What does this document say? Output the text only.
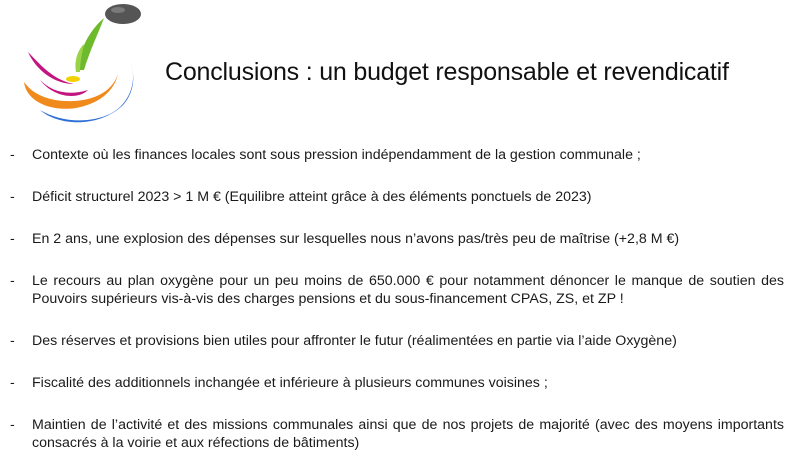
Conclusions : un budget responsable et revendicatif
- Contexte où les finances locales sont sous pression indépendamment de la gestion communale ;
- Déficit structurel 2023 > 1 M € (Equilibre atteint grâce à des éléments ponctuels de 2023)
- En 2 ans, une explosion des dépenses sur lesquelles nous n’avons pas/très peu de maîtrise (+2,8 M €)
- Le recours au plan oxygène pour un peu moins de 650.000 € pour notamment dénoncer le manque de soutien des Pouvoirs supérieurs vis-à-vis des charges pensions et du sous-financement CPAS, ZS, et ZP !
- Des réserves et provisions bien utiles pour affronter le futur (réalimentées en partie via l’aide Oxygène)
- Fiscalité des additionnels inchangée et inférieure à plusieurs communes voisines ;
- Maintien de l’activité et des missions communales ainsi que de nos projets de majorité (avec des moyens importants consacrés à la voirie et aux réfections de bâtiments)
